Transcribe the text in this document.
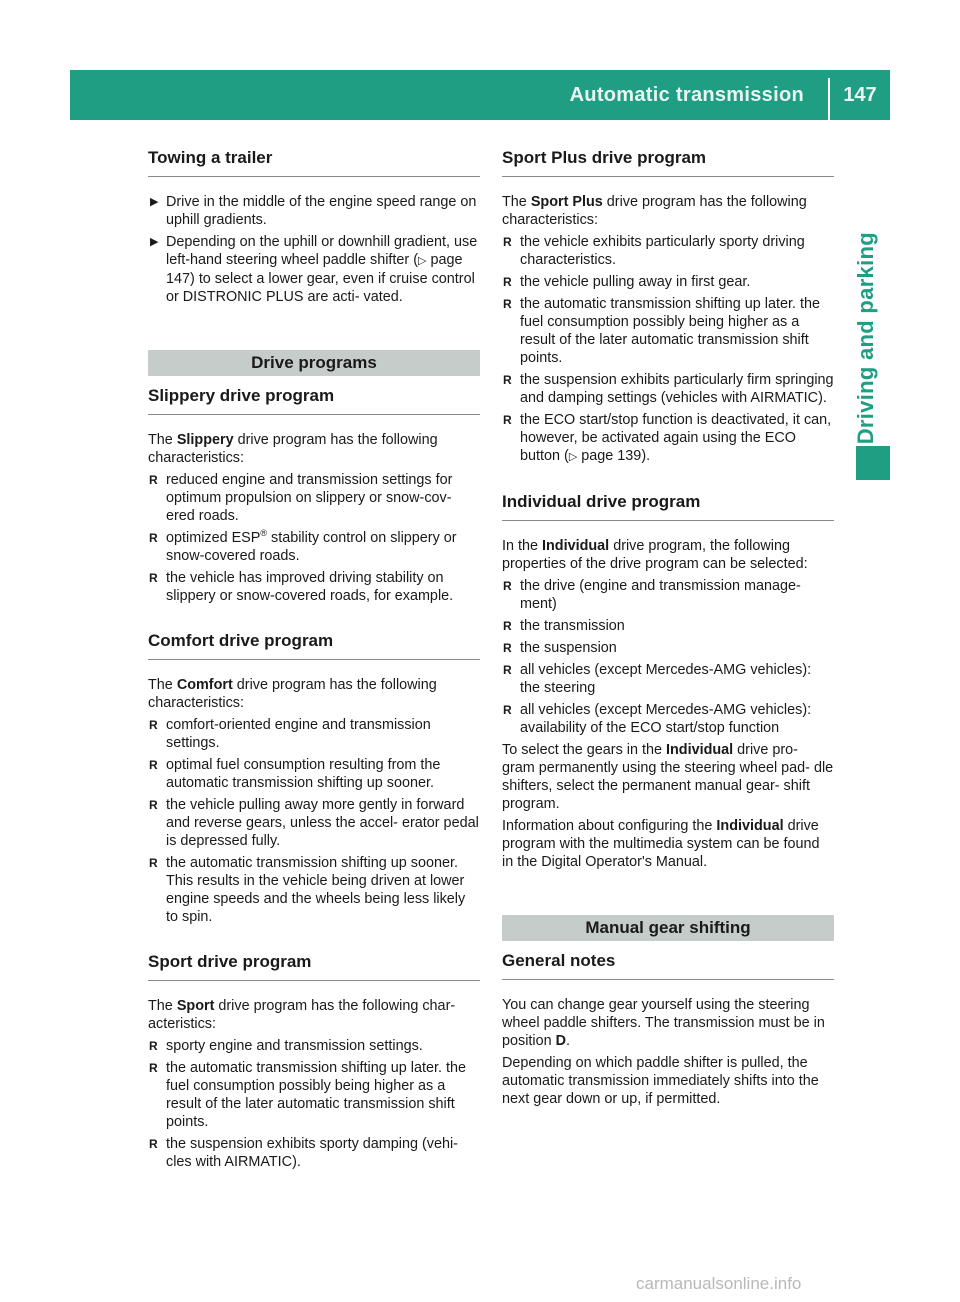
Automatic transmission	147
Driving and parking
Towing a trailer
▶ Drive in the middle of the engine speed range on uphill gradients.
▶ Depending on the uphill or downhill gradient, use left-hand steering wheel paddle shifter (▷ page 147) to select a lower gear, even if cruise control or DISTRONIC PLUS are acti- vated.
Drive programs
Slippery drive program

The Slippery drive program has the following characteristics:

R reduced engine and transmission settings for optimum propulsion on slippery or snow-cov- ered roads.
R optimized ESP® stability control on slippery or snow-covered roads.
R the vehicle has improved driving stability on slippery or snow-covered roads, for example.
Comfort drive program

The Comfort drive program has the following characteristics:

R comfort-oriented engine and transmission settings.
R optimal fuel consumption resulting from the automatic transmission shifting up sooner.
R the vehicle pulling away more gently in forward and reverse gears, unless the accel- erator pedal is depressed fully.
R the automatic transmission shifting up sooner. This results in the vehicle being driven at lower engine speeds and the wheels being less likely to spin.
Sport drive program

The Sport drive program has the following char- acteristics:

R sporty engine and transmission settings.
R the automatic transmission shifting up later. the fuel consumption possibly being higher as a result of the later automatic transmission shift points.
R the suspension exhibits sporty damping (vehi- cles with AIRMATIC).
Sport Plus drive program

The Sport Plus drive program has the following characteristics:

R the vehicle exhibits particularly sporty driving characteristics.
R the vehicle pulling away in first gear.
R the automatic transmission shifting up later. the fuel consumption possibly being higher as a result of the later automatic transmission shift points.
R the suspension exhibits particularly firm springing and damping settings (vehicles with AIRMATIC).
R the ECO start/stop function is deactivated, it can, however, be activated again using the ECO button (▷ page 139).
Individual drive program

In the Individual drive program, the following properties of the drive program can be selected:

R the drive (engine and transmission manage- ment)
R the transmission
R the suspension
R all vehicles (except Mercedes-AMG vehicles): the steering
R all vehicles (except Mercedes-AMG vehicles): availability of the ECO start/stop function

To select the gears in the Individual drive pro- gram permanently using the steering wheel pad- dle shifters, select the permanent manual gear- shift program.

Information about configuring the Individual drive program with the multimedia system can be found in the Digital Operator's Manual.

Manual gear shifting
General notes

You can change gear yourself using the steering wheel paddle shifters. The transmission must be in position D.

Depending on which paddle shifter is pulled, the automatic transmission immediately shifts into the next gear down or up, if permitted.

carmanualsonline.info
